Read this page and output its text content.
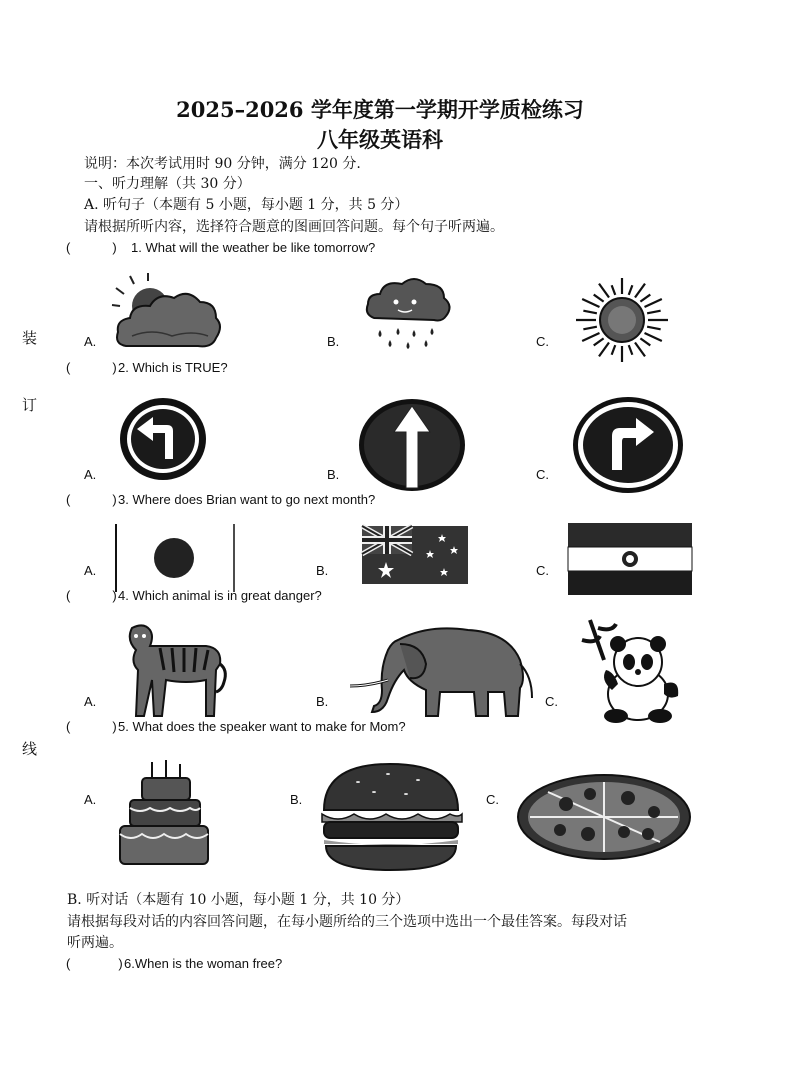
2025–2026 学年度第一学期开学质检练习
八年级英语科
说明：本次考试用时 90 分钟，满分 120 分.
一、听力理解（共 30 分）
A. 听句子（本题有 5 小题，每小题 1 分，共 5 分）
请根据所听内容，选择符合题意的图画回答问题。每个句子听两遍。
装
订
线
(	) 1. What will the weather be like tomorrow?
A.	B.	C.
(	) 2. Which is TRUE?
A.	B.	C.
(	) 3. Where does Brian want to go next month?
A.	B.	C.
(	) 4. Which animal is in great danger?
A.	B.	C.
(	) 5. What does the speaker want to make for Mom?
A.	B.	C.
B. 听对话（本题有 10 小题，每小题 1 分，共 10 分）
请根据每段对话的内容回答问题，在每小题所给的三个选项中选出一个最佳答案。每段对话
听两遍。
(	) 6.When is the woman free?
